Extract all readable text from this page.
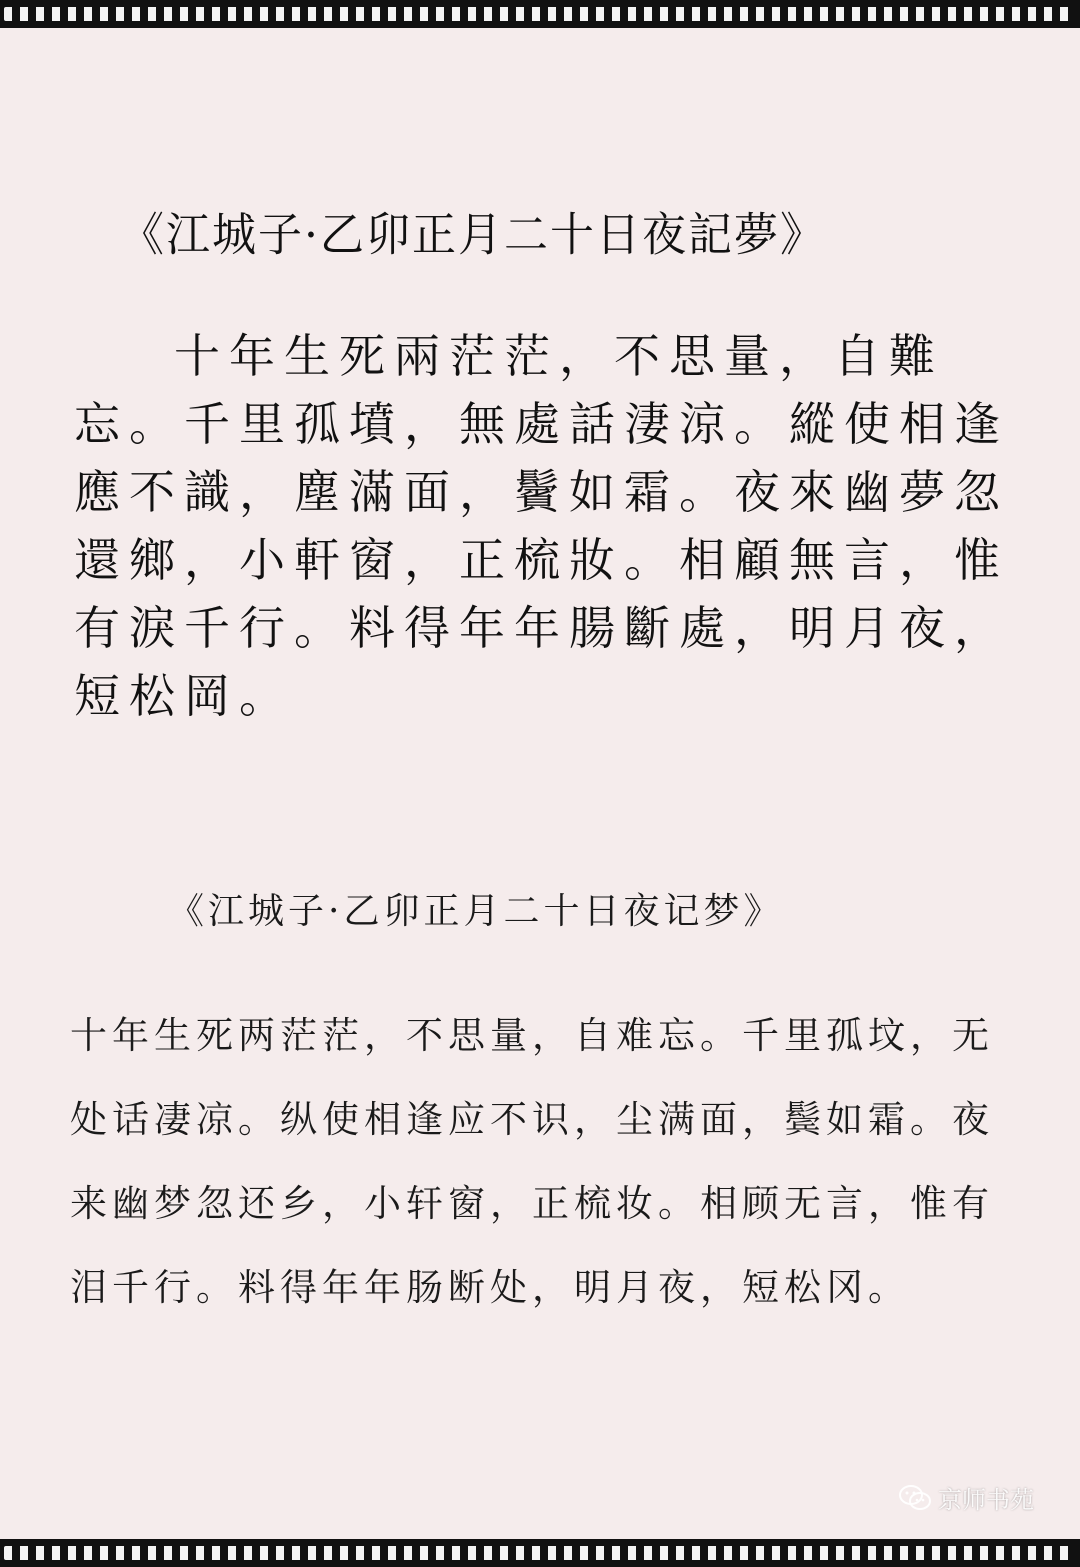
《江城子·乙卯正月二十日夜記夢》
十年生死兩茫茫，不思量，自難忘。千里孤墳，無處話淒涼。縱使相逢應不識，塵滿面，鬢如霜。夜來幽夢忽還鄉，小軒窗，正梳妝。相顧無言，惟有淚千行。料得年年腸斷處，明月夜，短松岡。
《江城子·乙卯正月二十日夜记梦》
十年生死两茫茫，不思量，自难忘。千里孤坟，无处话凄凉。纵使相逢应不识，尘满面，鬓如霜。夜来幽梦忽还乡，小轩窗，正梳妆。相顾无言，惟有泪千行。料得年年肠断处，明月夜，短松冈。
京师书苑
